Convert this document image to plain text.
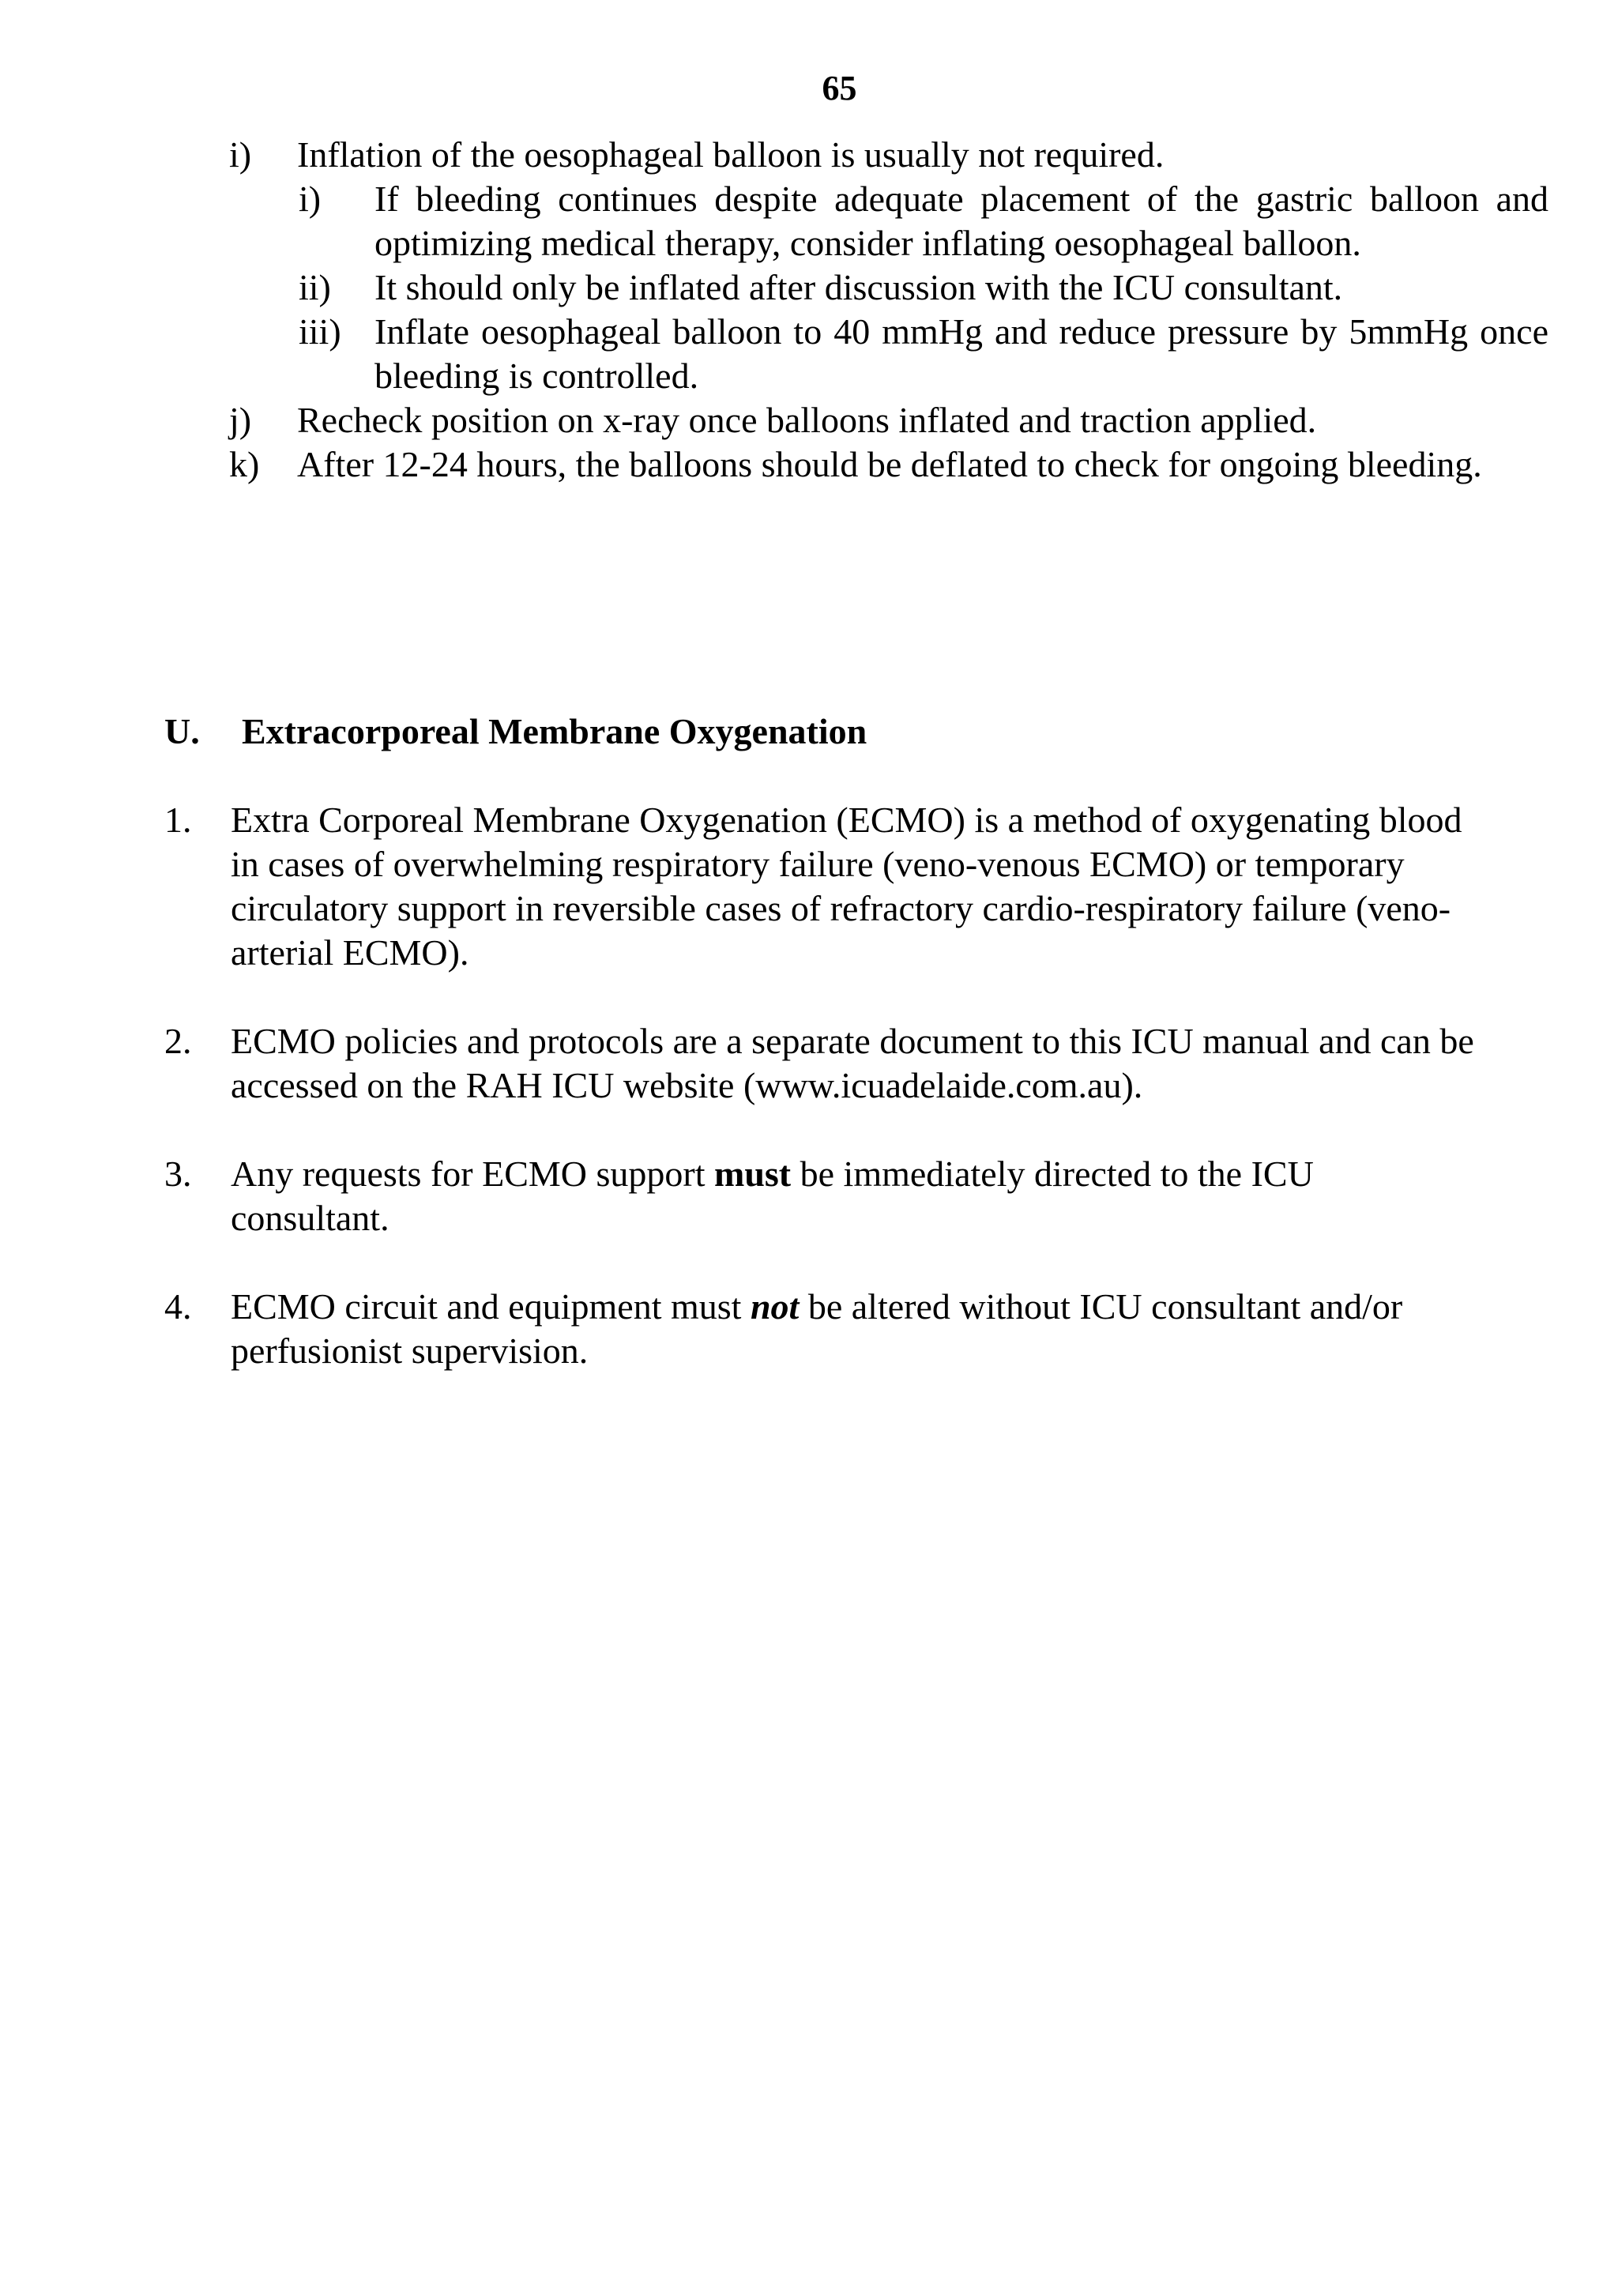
65
i) Inflation of the oesophageal balloon is usually not required.
i) If bleeding continues despite adequate placement of the gastric balloon and optimizing medical therapy, consider inflating oesophageal balloon.
ii) It should only be inflated after discussion with the ICU consultant.
iii) Inflate oesophageal balloon to 40 mmHg and reduce pressure by 5mmHg once bleeding is controlled.
j) Recheck position on x-ray once balloons inflated and traction applied.
k) After 12-24 hours, the balloons should be deflated to check for ongoing bleeding.
U. Extracorporeal Membrane Oxygenation
1. Extra Corporeal Membrane Oxygenation (ECMO) is a method of oxygenating blood in cases of overwhelming respiratory failure (veno-venous ECMO) or temporary circulatory support in reversible cases of refractory cardio-respiratory failure (veno-arterial ECMO).
2. ECMO policies and protocols are a separate document to this ICU manual and can be accessed on the RAH ICU website (www.icuadelaide.com.au).
3. Any requests for ECMO support must be immediately directed to the ICU consultant.
4. ECMO circuit and equipment must not be altered without ICU consultant and/or perfusionist supervision.
